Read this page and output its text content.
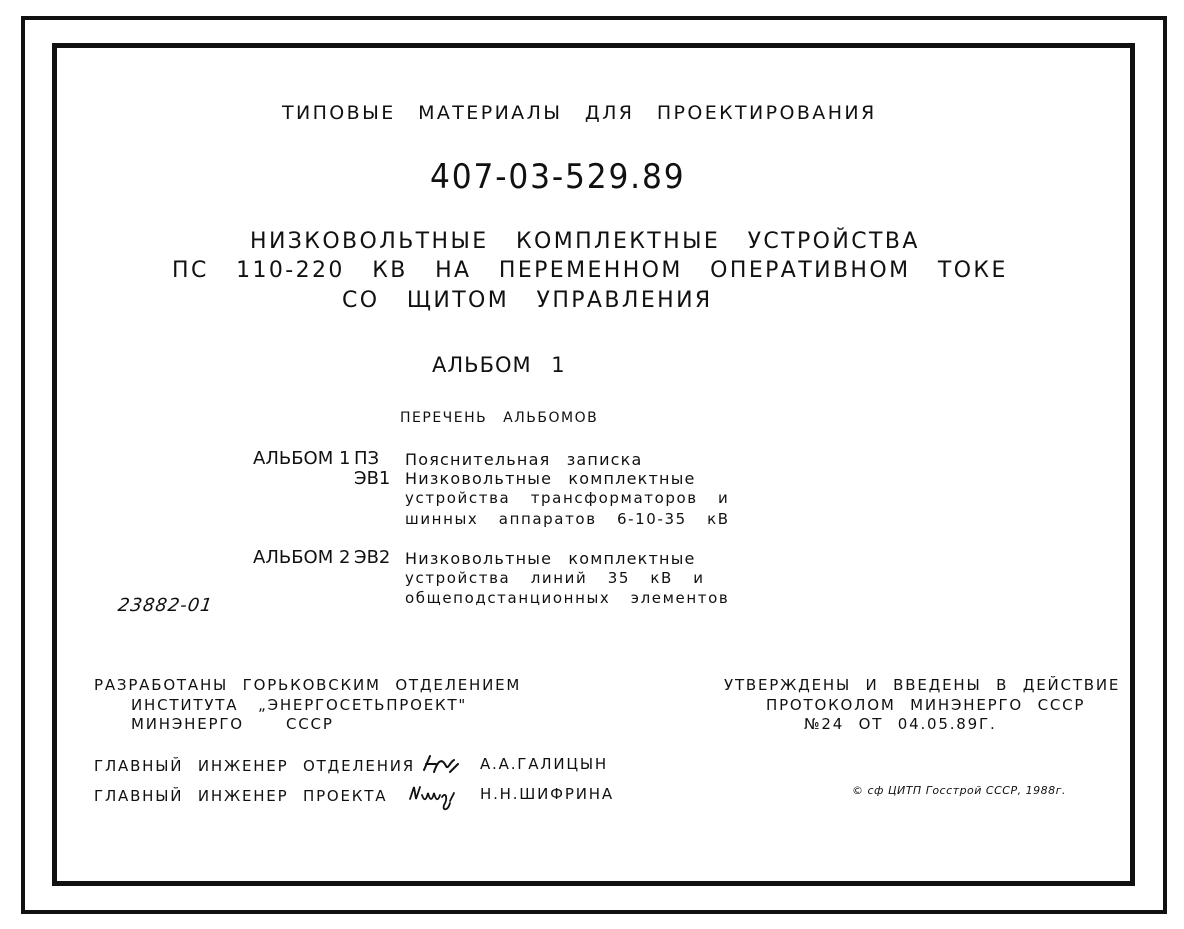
ТИПОВЫЕ МАТЕРИАЛЫ ДЛЯ ПРОЕКТИРОВАНИЯ
407-03-529.89
НИЗКОВОЛЬТНЫЕ КОМПЛЕКТНЫЕ УСТРОЙСТВА
ПС 110-220 КВ НА ПЕРЕМЕННОМ ОПЕРАТИВНОМ ТОКЕ
СО ЩИТОМ УПРАВЛЕНИЯ
АЛЬБОМ 1
ПЕРЕЧЕНЬ АЛЬБОМОВ
АЛЬБОМ 1 ПЗ Пояснительная записка
ЭВ1 Низковольтные комплектные
устройства трансформаторов и
шинных аппаратов 6-10-35 кВ
АЛЬБОМ 2 ЭВ2 Низковольтные комплектные
устройства линий 35 кВ и
общеподстанционных элементов
23882-01
РАЗРАБОТАНЫ ГОРЬКОВСКИМ ОТДЕЛЕНИЕМ
ИНСТИТУТА „ЭНЕРГОСЕТЬПРОЕКТ"
МИНЭНЕРГО	СССР
УТВЕРЖДЕНЫ И ВВЕДЕНЫ В ДЕЙСТВИЕ
ПРОТОКОЛОМ МИНЭНЕРГО СССР
№24 ОТ 04.05.89Г.
ГЛАВНЫЙ ИНЖЕНЕР ОТДЕЛЕНИЯ	А.А.ГАЛИЦЫН
ГЛАВНЫЙ ИНЖЕНЕР ПРОЕКТА	Н.Н.ШИФРИНА	© сф ЦИТП Госстрой СССР, 1988г.
